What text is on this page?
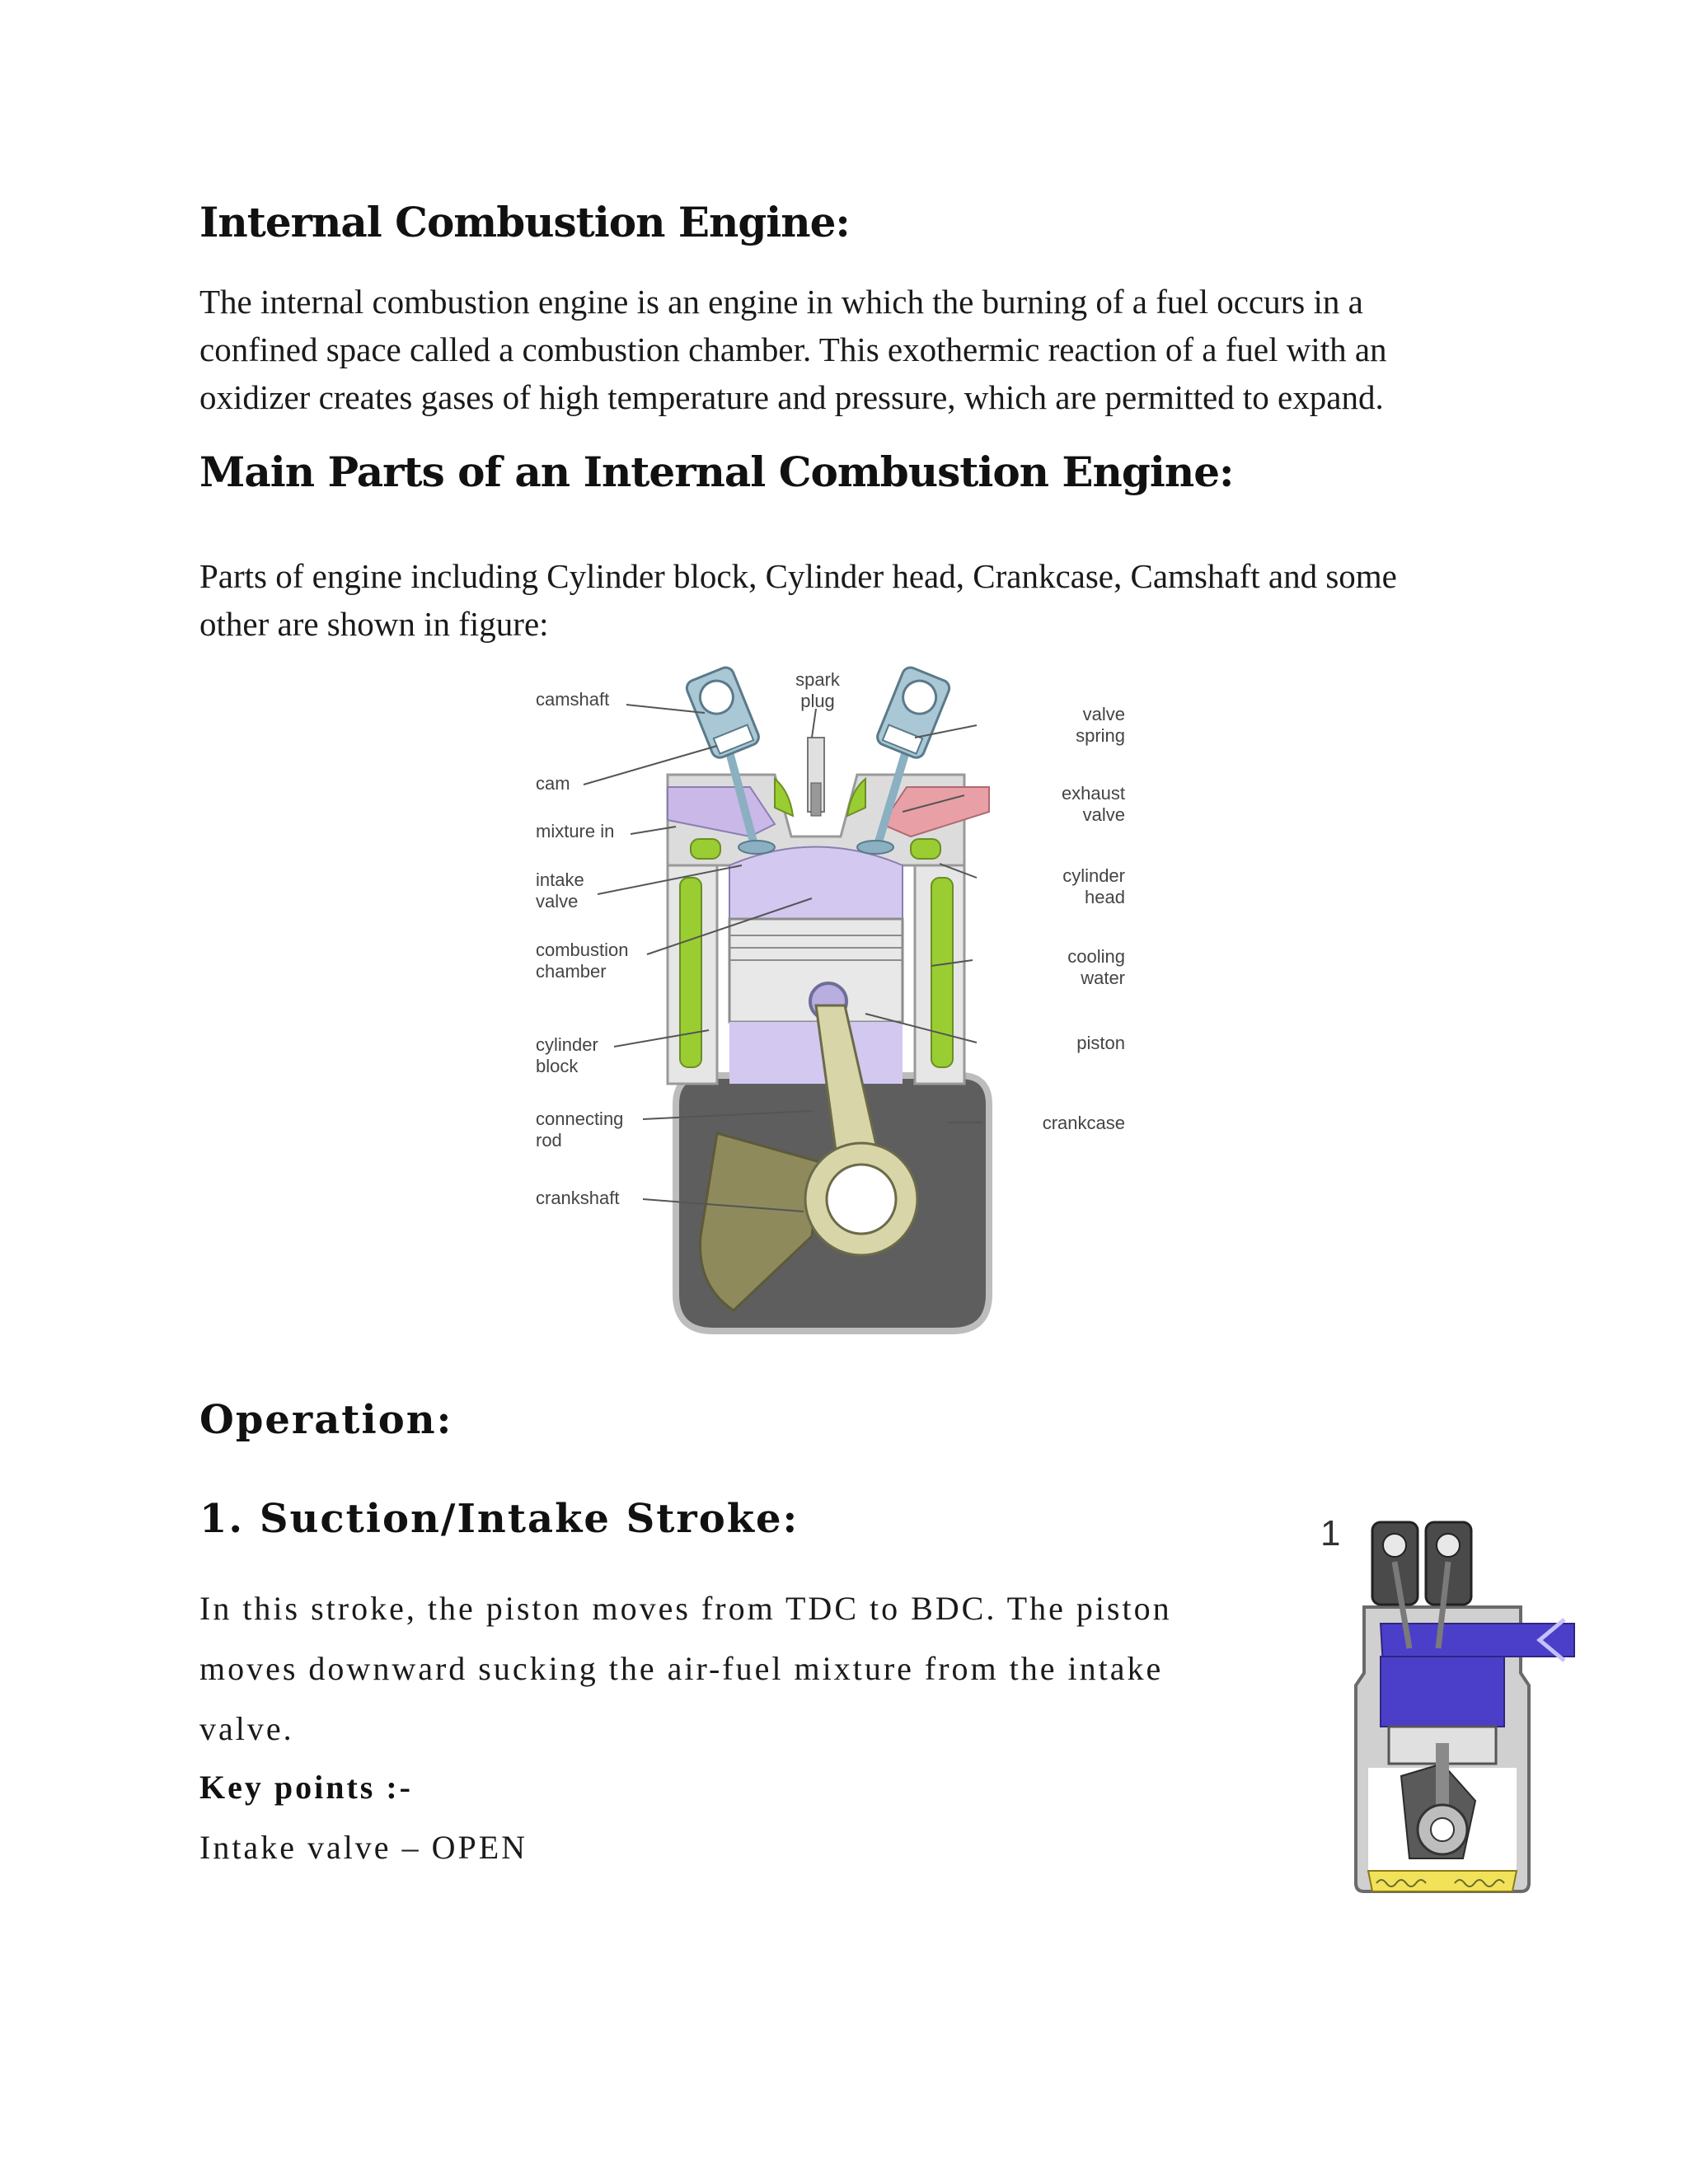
Internal Combustion Engine:

The internal combustion engine is an engine in which the burning of a fuel occurs in a
confined space called a combustion chamber. This exothermic reaction of a fuel with an
oxidizer creates gases of high temperature and pressure, which are permitted to expand.

Main Parts of an Internal Combustion Engine:

Parts of engine including Cylinder block, Cylinder head, Crankcase, Camshaft and some
other are shown in figure:

camshaft
spark
plug
valve
spring
cam	exhaust
valve
mixture in
intake
valve
cylinder
head
combustion
chamber
cooling
water
piston
cylinder
block
connecting
rod
crankcase
crankshaft
Operation:
1. Suction/Intake Stroke:

In this stroke, the piston moves from TDC to BDC. The piston
moves downward sucking the air-fuel mixture from the intake
valve.

Key points :-
Intake valve – OPEN
1
